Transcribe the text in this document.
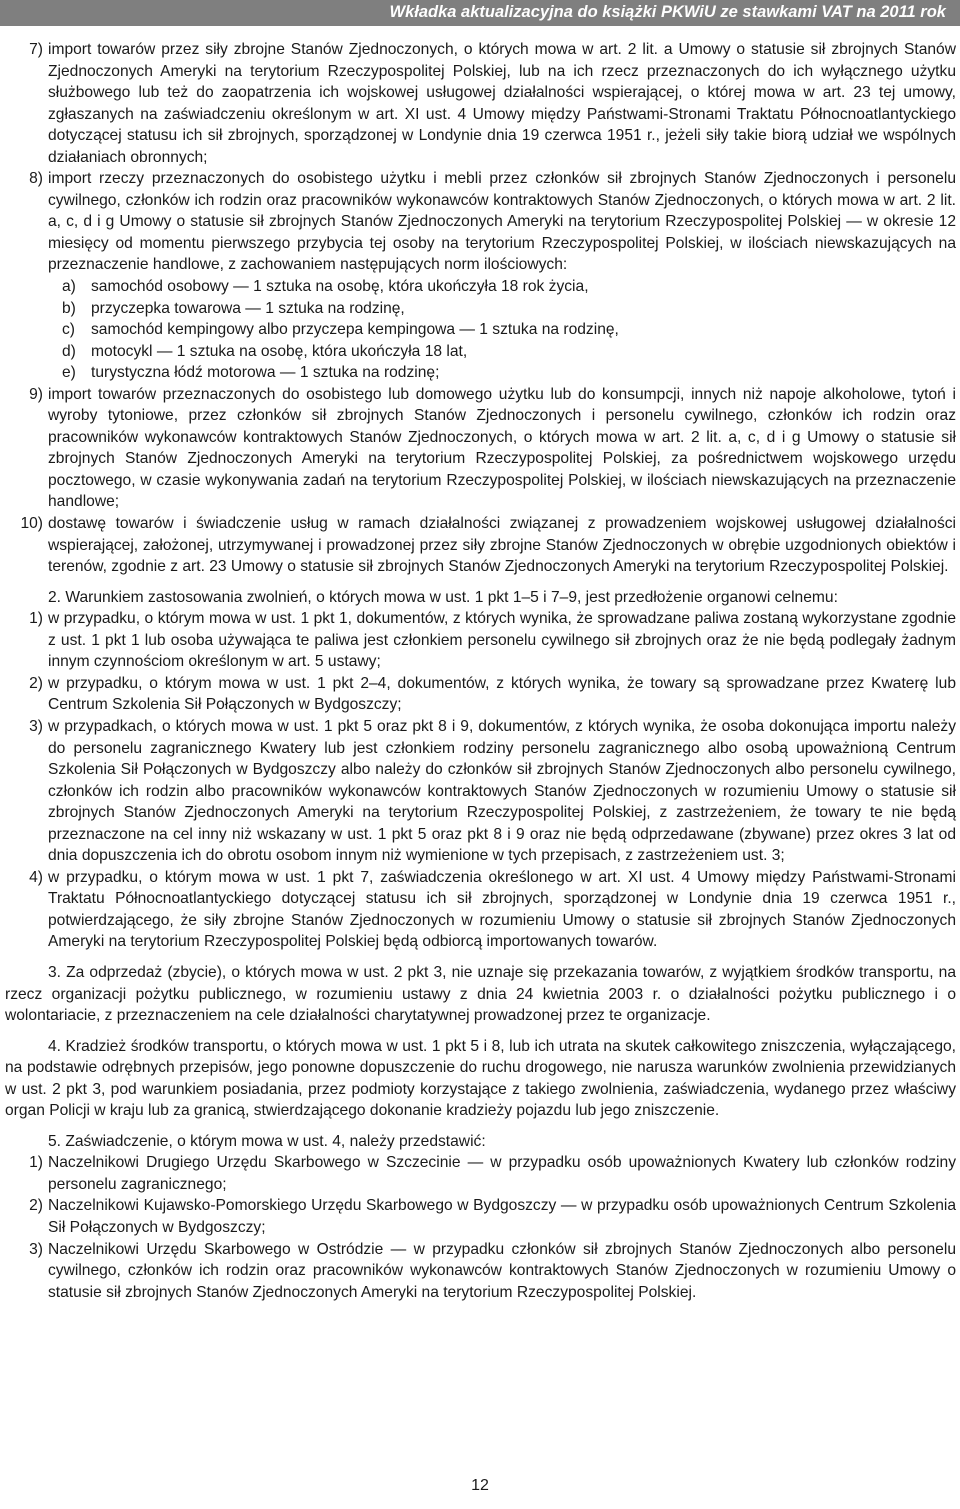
Wkładka aktualizacyjna do książki PKWiU ze stawkami VAT na 2011 rok
7) import towarów przez siły zbrojne Stanów Zjednoczonych, o których mowa w art. 2 lit. a Umowy o statusie sił zbrojnych Stanów Zjednoczonych Ameryki na terytorium Rzeczypospolitej Polskiej, lub na ich rzecz przeznaczonych do ich wyłącznego użytku służbowego lub też do zaopatrzenia ich wojskowej usługowej działalności wspierającej, o której mowa w art. 23 tej umowy, zgłaszanych na zaświadczeniu określonym w art. XI ust. 4 Umowy między Państwami-Stronami Traktatu Północnoatlantyckiego dotyczącej statusu ich sił zbrojnych, sporządzonej w Londynie dnia 19 czerwca 1951 r., jeżeli siły takie biorą udział we wspólnych działaniach obronnych;
8) import rzeczy przeznaczonych do osobistego użytku i mebli przez członków sił zbrojnych Stanów Zjednoczonych i personelu cywilnego, członków ich rodzin oraz pracowników wykonawców kontraktowych Stanów Zjednoczonych, o których mowa w art. 2 lit. a, c, d i g Umowy o statusie sił zbrojnych Stanów Zjednoczonych Ameryki na terytorium Rzeczypospolitej Polskiej — w okresie 12 miesięcy od momentu pierwszego przybycia tej osoby na terytorium Rzeczypospolitej Polskiej, w ilościach niewskazujących na przeznaczenie handlowe, z zachowaniem następujących norm ilościowych:
a) samochód osobowy — 1 sztuka na osobę, która ukończyła 18 rok życia,
b) przyczepka towarowa — 1 sztuka na rodzinę,
c)	samochód kempingowy albo przyczepa kempingowa — 1 sztuka na rodzinę,
d) motocykl — 1 sztuka na osobę, która ukończyła 18 lat,
e) turystyczna łódź motorowa — 1 sztuka na rodzinę;
9) import towarów przeznaczonych do osobistego lub domowego użytku lub do konsumpcji, innych niż napoje alkoholowe, tytoń i wyroby tytoniowe, przez członków sił zbrojnych Stanów Zjednoczonych i personelu cywilnego, członków ich rodzin oraz pracowników wykonawców kontraktowych Stanów Zjednoczonych, o których mowa w art. 2 lit. a, c, d i g Umowy o statusie sił zbrojnych Stanów Zjednoczonych Ameryki na terytorium Rzeczypospolitej Polskiej, za pośrednictwem wojskowego urzędu pocztowego, w czasie wykonywania zadań na terytorium Rzeczypospolitej Polskiej, w ilościach niewskazujących na przeznaczenie handlowe;
10) dostawę towarów i świadczenie usług w ramach działalności związanej z prowadzeniem wojskowej usługowej działalności wspierającej, założonej, utrzymywanej i prowadzonej przez siły zbrojne Stanów Zjednoczonych w obrębie uzgodnionych obiektów i terenów, zgodnie z art. 23 Umowy o statusie sił zbrojnych Stanów Zjednoczonych Ameryki na terytorium Rzeczypospolitej Polskiej.

2. Warunkiem zastosowania zwolnień, o których mowa w ust. 1 pkt 1–5 i 7–9, jest przedłożenie organowi celnemu:

1) w przypadku, o którym mowa w ust. 1 pkt 1, dokumentów, z których wynika, że sprowadzane paliwa zostaną wykorzystane zgodnie z ust. 1 pkt 1 lub osoba używająca te paliwa jest członkiem personelu cywilnego sił zbrojnych oraz że nie będą podlegały żadnym innym czynnościom określonym w art. 5 ustawy;
2) w przypadku, o którym mowa w ust. 1 pkt 2–4, dokumentów, z których wynika, że towary są sprowadzane przez Kwaterę lub Centrum Szkolenia Sił Połączonych w Bydgoszczy;
3) w przypadkach, o których mowa w ust. 1 pkt 5 oraz pkt 8 i 9, dokumentów, z których wynika, że osoba dokonująca importu należy do personelu zagranicznego Kwatery lub jest członkiem rodziny personelu zagranicznego albo osobą upoważnioną Centrum Szkolenia Sił Połączonych w Bydgoszczy albo należy do członków sił zbrojnych Stanów Zjednoczonych albo personelu cywilnego, członków ich rodzin albo pracowników wykonawców kontraktowych Stanów Zjednoczonych w rozumieniu Umowy o statusie sił zbrojnych Stanów Zjednoczonych Ameryki na terytorium Rzeczypospolitej Polskiej, z zastrzeżeniem, że towary te nie będą przeznaczone na cel inny niż wskazany w ust. 1 pkt 5 oraz pkt 8 i 9 oraz nie będą odprzedawane (zbywane) przez okres 3 lat od dnia dopuszczenia ich do obrotu osobom innym niż wymienione w tych przepisach, z zastrzeżeniem ust. 3;
4) w przypadku, o którym mowa w ust. 1 pkt 7, zaświadczenia określonego w art. XI ust. 4 Umowy między Państwami-Stronami Traktatu Północnoatlantyckiego dotyczącej statusu ich sił zbrojnych, sporządzonej w Londynie dnia 19 czerwca 1951 r., potwierdzającego, że siły zbrojne Stanów Zjednoczonych w rozumieniu Umowy o statusie sił zbrojnych Stanów Zjednoczonych Ameryki na terytorium Rzeczypospolitej Polskiej będą odbiorcą importowanych towarów.

3. Za odprzedaż (zbycie), o których mowa w ust. 2 pkt 3, nie uznaje się przekazania towarów, z wyjątkiem środków transportu, na rzecz organizacji pożytku publicznego, w rozumieniu ustawy z dnia 24 kwietnia 2003 r. o działalności pożytku publicznego i o wolontariacie, z przeznaczeniem na cele działalności charytatywnej prowadzonej przez te organizacje.

4. Kradzież środków transportu, o których mowa w ust. 1 pkt 5 i 8, lub ich utrata na skutek całkowitego zniszczenia, wyłączającego, na podstawie odrębnych przepisów, jego ponowne dopuszczenie do ruchu drogowego, nie narusza warunków zwolnienia przewidzianych w ust. 2 pkt 3, pod warunkiem posiadania, przez podmioty korzystające z takiego zwolnienia, zaświadczenia, wydanego przez właściwy organ Policji w kraju lub za granicą, stwierdzającego dokonanie kradzieży pojazdu lub jego zniszczenie.

5. Zaświadczenie, o którym mowa w ust. 4, należy przedstawić:

1) Naczelnikowi Drugiego Urzędu Skarbowego w Szczecinie — w przypadku osób upoważnionych Kwatery lub członków rodziny personelu zagranicznego;
2) Naczelnikowi Kujawsko-Pomorskiego Urzędu Skarbowego w Bydgoszczy — w przypadku osób upoważnionych Centrum Szkolenia Sił Połączonych w Bydgoszczy;
3) Naczelnikowi Urzędu Skarbowego w Ostródzie — w przypadku członków sił zbrojnych Stanów Zjednoczonych albo personelu cywilnego, członków ich rodzin oraz pracowników wykonawców kontraktowych Stanów Zjednoczonych w rozumieniu Umowy o statusie sił zbrojnych Stanów Zjednoczonych Ameryki na terytorium Rzeczypospolitej Polskiej.
12
